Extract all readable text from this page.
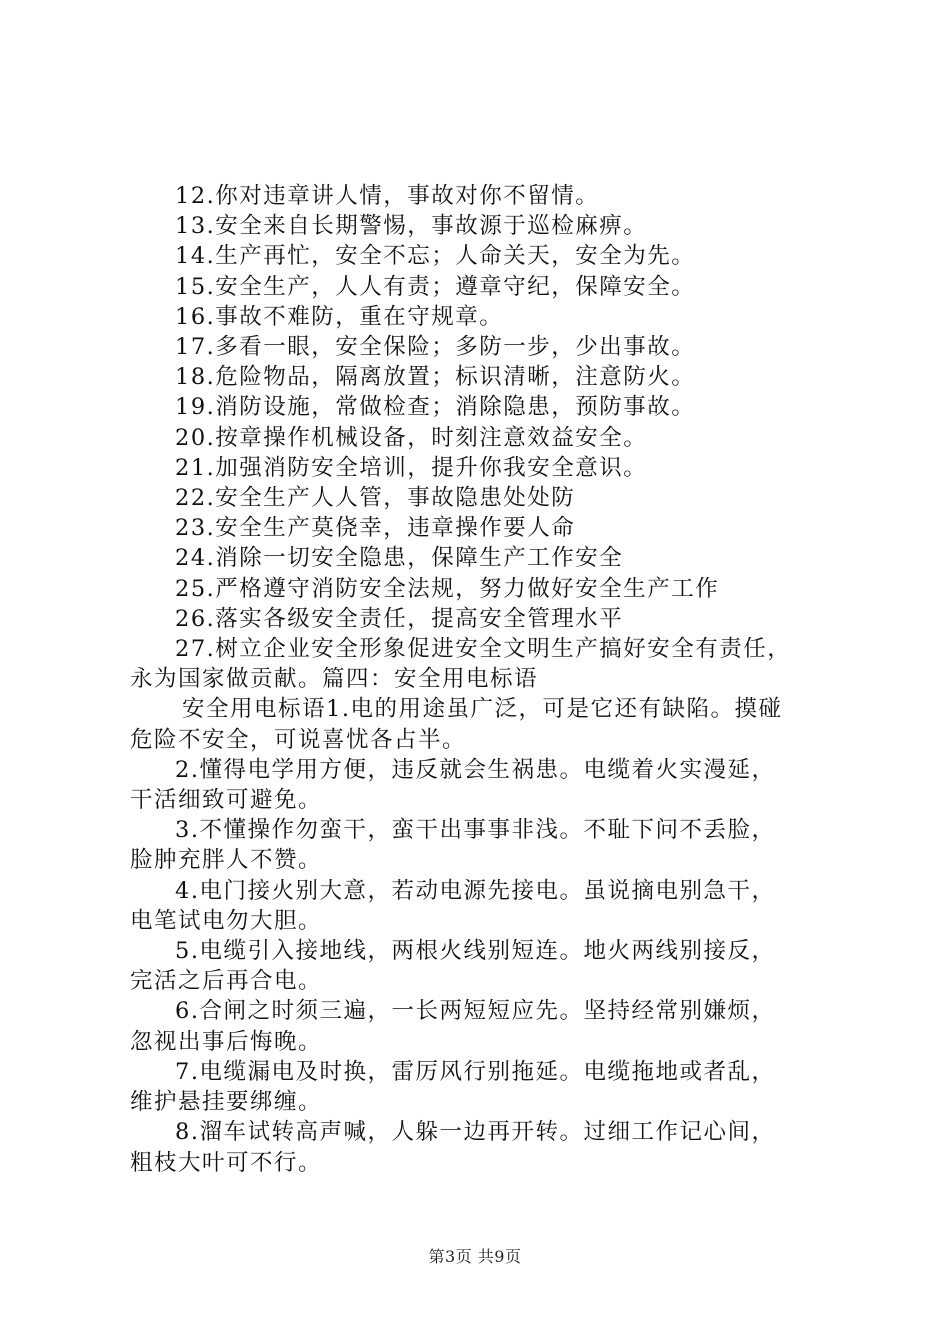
12.你对违章讲人情，事故对你不留情。
13.安全来自长期警惕，事故源于巡检麻痹。
14.生产再忙，安全不忘；人命关天，安全为先。
15.安全生产，人人有责；遵章守纪，保障安全。
16.事故不难防，重在守规章。
17.多看一眼，安全保险；多防一步，少出事故。
18.危险物品，隔离放置；标识清晰，注意防火。
19.消防设施，常做检查；消除隐患，预防事故。
20.按章操作机械设备，时刻注意效益安全。
21.加强消防安全培训，提升你我安全意识。
22.安全生产人人管，事故隐患处处防
23.安全生产莫侥幸，违章操作要人命
24.消除一切安全隐患，保障生产工作安全
25.严格遵守消防安全法规，努力做好安全生产工作
26.落实各级安全责任，提高安全管理水平
27.树立企业安全形象促进安全文明生产搞好安全有责任，
永为国家做贡献。篇四：安全用电标语
安全用电标语1.电的用途虽广泛，可是它还有缺陷。摸碰
危险不安全，可说喜忧各占半。
2.懂得电学用方便，违反就会生祸患。电缆着火实漫延，
干活细致可避免。
3.不懂操作勿蛮干，蛮干出事事非浅。不耻下问不丢脸，
脸肿充胖人不赞。
4.电门接火别大意，若动电源先接电。虽说摘电别急干，
电笔试电勿大胆。
5.电缆引入接地线，两根火线别短连。地火两线别接反，
完活之后再合电。
6.合闸之时须三遍，一长两短短应先。坚持经常别嫌烦，
忽视出事后悔晚。
7.电缆漏电及时换，雷厉风行别拖延。电缆拖地或者乱，
维护悬挂要绑缠。
8.溜车试转高声喊，人躲一边再开转。过细工作记心间，
粗枝大叶可不行。
第3页 共9页
